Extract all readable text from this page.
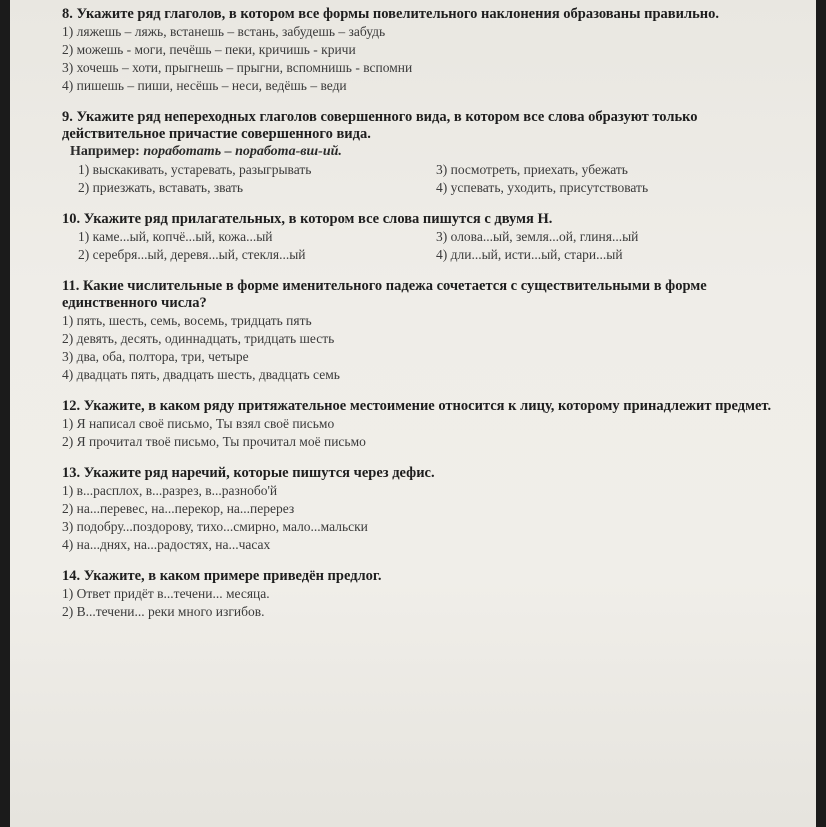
8. Укажите ряд глаголов, в котором все формы повелительного наклонения образованы правильно.
1) ляжешь – ляжь, встанешь – встань, забудешь – забудь
2) можешь - моги, печёшь – пеки, кричишь - кричи
3) хочешь – хоти, прыгнешь – прыгни, вспомнишь - вспомни
4) пишешь – пиши, несёшь – неси, ведёшь – веди
9. Укажите ряд непереходных глаголов совершенного вида, в котором все слова образуют только действительное причастие совершенного вида.
Например: поработать – поработа-вш-ий.
1) выскакивать, устаревать, разыгрывать	3) посмотреть, приехать, убежать
2) приезжать, вставать, звать	4) успевать, уходить, присутствовать
10. Укажите ряд прилагательных, в котором все слова пишутся с двумя Н.
1) каме...ый, копчё...ый, кожа...ый	3) олова...ый, земля...ой, глиня...ый
2) серебря...ый, деревя...ый, стекля...ый	4) дли...ый, исти...ый, стари...ый
11. Какие числительные в форме именительного падежа сочетается с существительными в форме единственного числа?
1) пять, шесть, семь, восемь, тридцать пять
2) девять, десять, одиннадцать, тридцать шесть
3) два, оба, полтора, три, четыре
4) двадцать пять, двадцать шесть, двадцать семь
12. Укажите, в каком ряду притяжательное местоимение относится к лицу, которому принадлежит предмет.
1) Я написал своё письмо, Ты взял своё письмо
2) Я прочитал твоё письмо, Ты прочитал моё письмо
13. Укажите ряд наречий, которые пишутся через дефис.
1) в...расплох, в...разрез, в...разнобо'й
2) на...перевес, на...перекор, на...перерез
3) подобру...поздорову, тихо...смирно, мало...мальски
4) на...днях, на...радостях, на...часах
14. Укажите, в каком примере приведён предлог.
1) Ответ придёт в...течени... месяца.
2) В...течени... реки много изгибов.
